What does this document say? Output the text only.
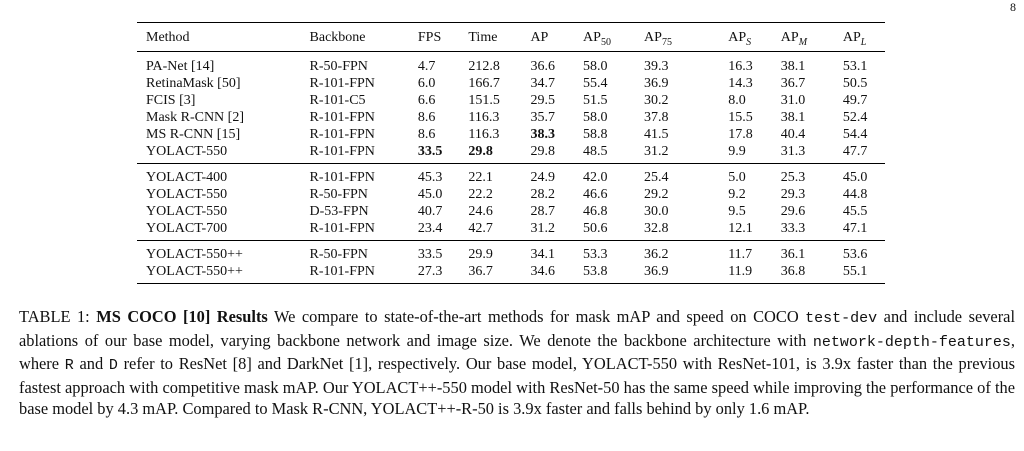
8
Method	Backbone	FPS	Time	AP	$AP_{50}$	$AP_{75}$	$AP_S$	$AP_M$	$AP_L$
PA-Net [14]	R-50-FPN	4.7	212.8	36.6	58.0	39.3	16.3	38.1	53.1
RetinaMask [50]	R-101-FPN	6.0	166.7	34.7	55.4	36.9	14.3	36.7	50.5
FCIS [3]	R-101-C5	6.6	151.5	29.5	51.5	30.2	8.0	31.0	49.7
Mask R-CNN [2]	R-101-FPN	8.6	116.3	35.7	58.0	37.8	15.5	38.1	52.4
MS R-CNN [15]	R-101-FPN	8.6	116.3	38.3	58.8	41.5	17.8	40.4	54.4
YOLACT-550	R-101-FPN	33.5	29.8	29.8	48.5	31.2	9.9	31.3	47.7
YOLACT-400	R-101-FPN	45.3	22.1	24.9	42.0	25.4	5.0	25.3	45.0
YOLACT-550	R-50-FPN	45.0	22.2	28.2	46.6	29.2	9.2	29.3	44.8
YOLACT-550	D-53-FPN	40.7	24.6	28.7	46.8	30.0	9.5	29.6	45.5
YOLACT-700	R-101-FPN	23.4	42.7	31.2	50.6	32.8	12.1	33.3	47.1
YOLACT-550++	R-50-FPN	33.5	29.9	34.1	53.3	36.2	11.7	36.1	53.6
YOLACT-550++	R-101-FPN	27.3	36.7	34.6	53.8	36.9	11.9	36.8	55.1
TABLE 1: MS COCO [10] Results We compare to state-of-the-art methods for mask mAP and speed on COCO test-dev and include several ablations of our base model, varying backbone network and image size. We denote the backbone architecture with network-depth-features, where R and D refer to ResNet [8] and DarkNet [1], respectively. Our base model, YOLACT-550 with ResNet-101, is 3.9x faster than the previous fastest approach with competitive mask mAP. Our YOLACT++-550 model with ResNet-50 has the same speed while improving the performance of the base model by 4.3 mAP. Compared to Mask R-CNN, YOLACT++-R-50 is 3.9x faster and falls behind by only 1.6 mAP.
